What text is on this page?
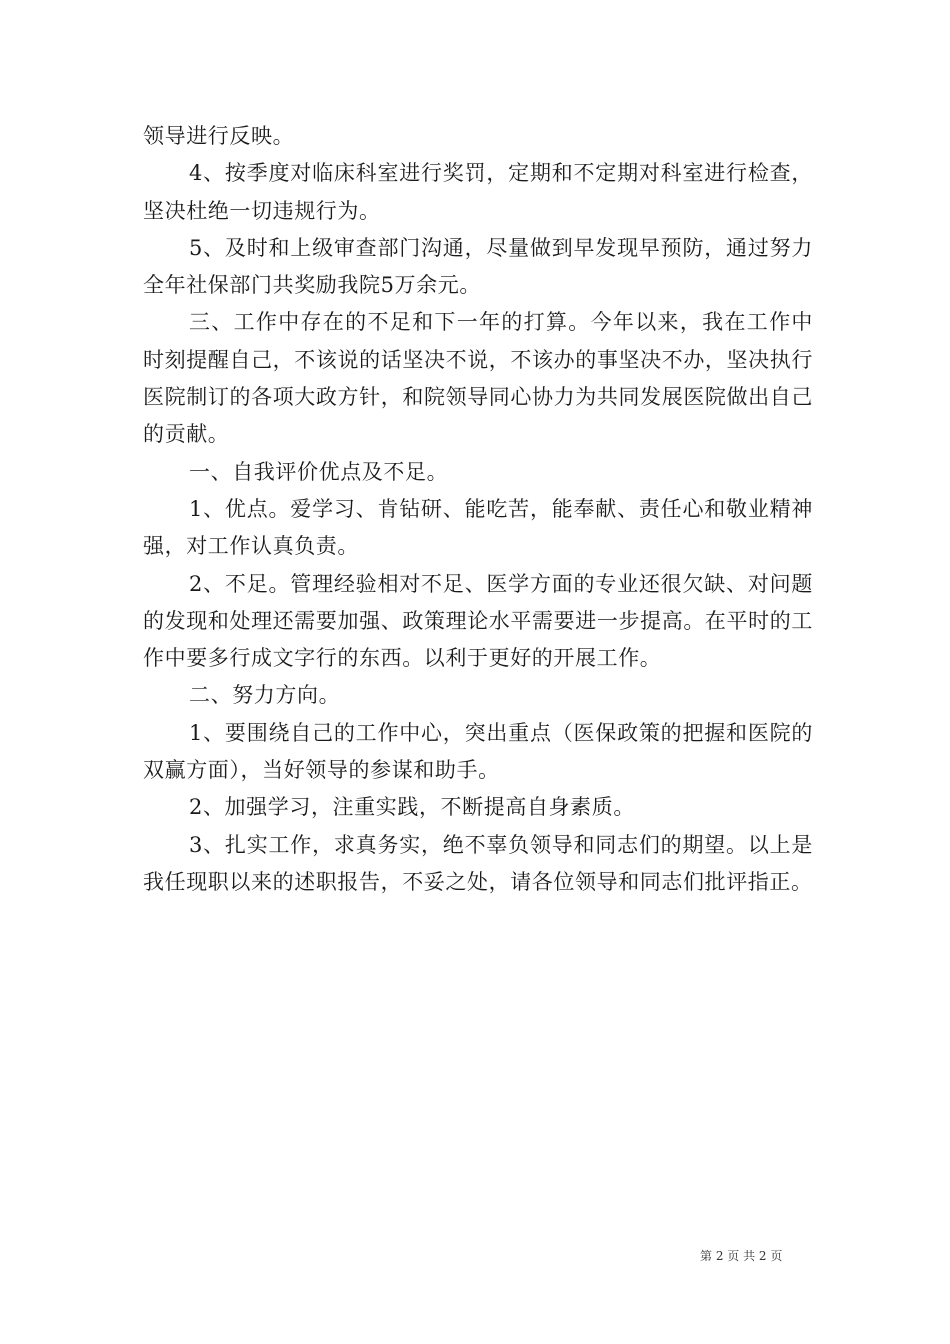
领导进行反映。

4、按季度对临床科室进行奖罚，定期和不定期对科室进行检查，坚决杜绝一切违规行为。

5、及时和上级审查部门沟通，尽量做到早发现早预防，通过努力全年社保部门共奖励我院5万余元。

三、工作中存在的不足和下一年的打算。今年以来，我在工作中时刻提醒自己，不该说的话坚决不说，不该办的事坚决不办，坚决执行医院制订的各项大政方针，和院领导同心协力为共同发展医院做出自己的贡献。

一、自我评价优点及不足。

1、优点。爱学习、肯钻研、能吃苦，能奉献、责任心和敬业精神强，对工作认真负责。

2、不足。管理经验相对不足、医学方面的专业还很欠缺、对问题的发现和处理还需要加强、政策理论水平需要进一步提高。在平时的工作中要多行成文字行的东西。以利于更好的开展工作。

二、努力方向。

1、要围绕自己的工作中心，突出重点（医保政策的把握和医院的双赢方面），当好领导的参谋和助手。

2、加强学习，注重实践，不断提高自身素质。

3、扎实工作，求真务实，绝不辜负领导和同志们的期望。以上是我任现职以来的述职报告，不妥之处，请各位领导和同志们批评指正。

第 2 页 共 2 页
